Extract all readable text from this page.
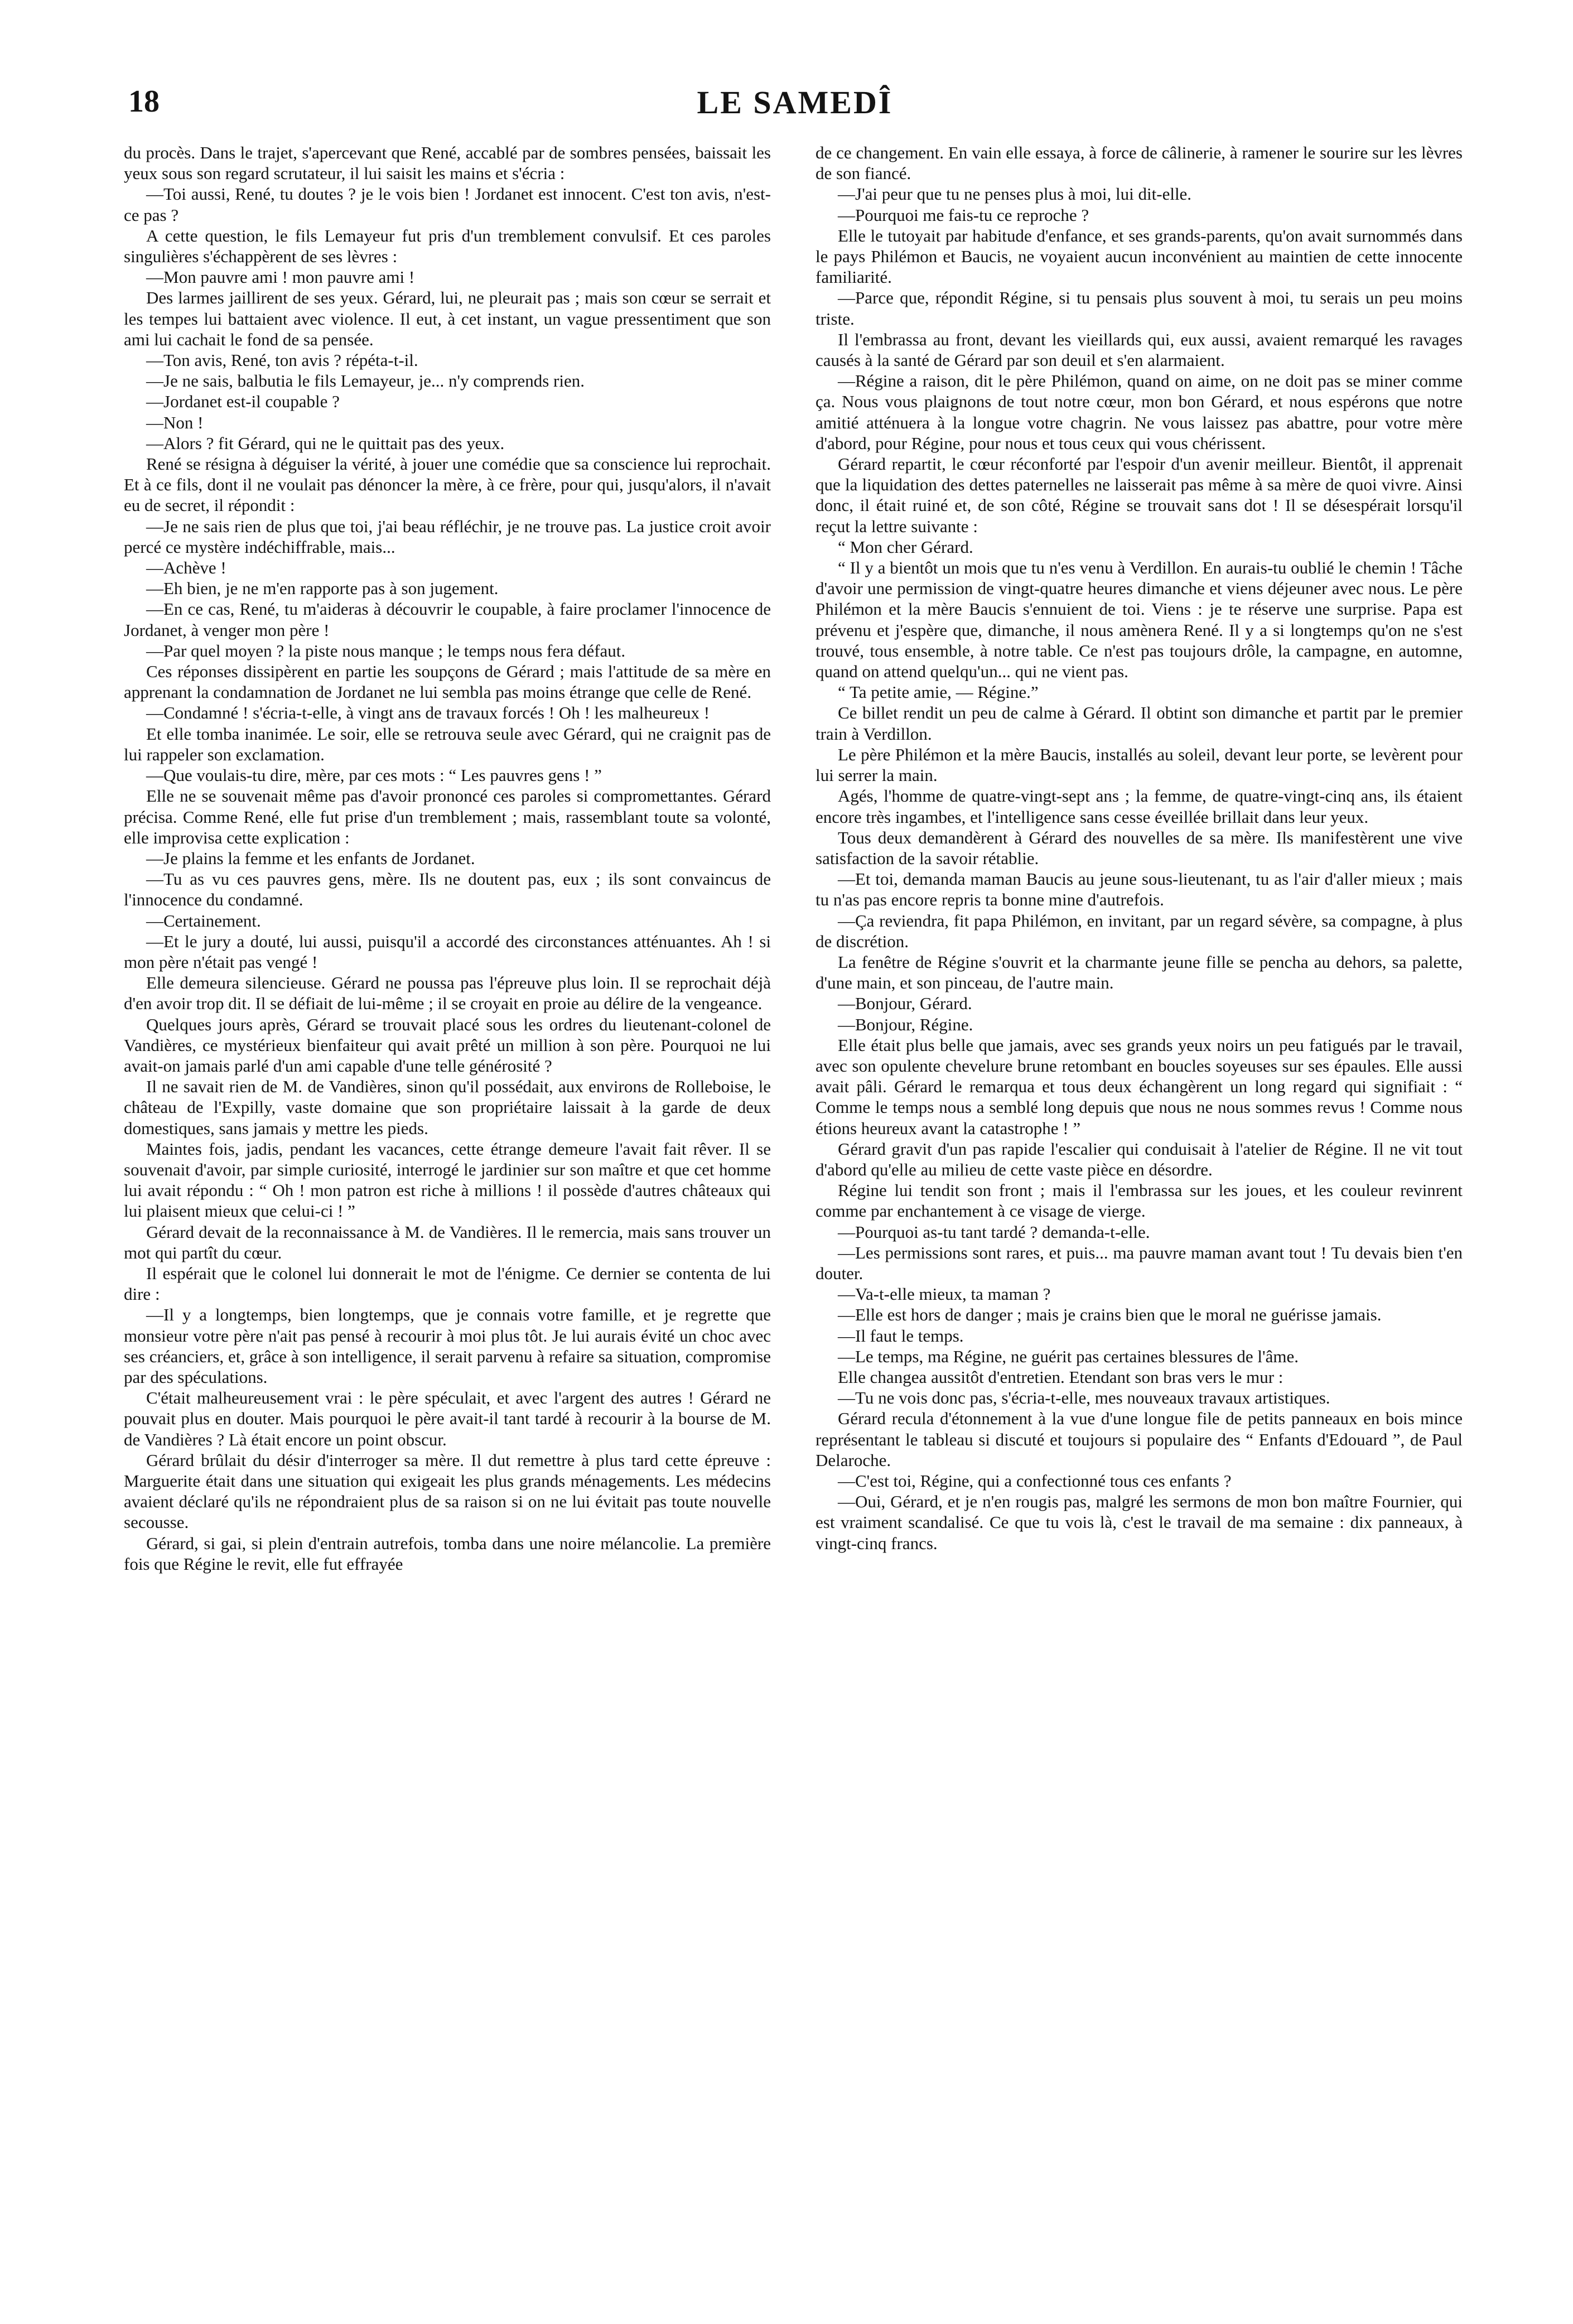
18	LE SAMEDÎ

du procès. Dans le trajet, s'apercevant que René, accablé par de sombres pensées, baissait les yeux sous son regard scrutateur, il lui saisit les mains et s'écria :

—Toi aussi, René, tu doutes ? je le vois bien ! Jordanet est innocent. C'est ton avis, n'est-ce pas ?

A cette question, le fils Lemayeur fut pris d'un tremblement convulsif. Et ces paroles singulières s'échappèrent de ses lèvres :

—Mon pauvre ami ! mon pauvre ami !

Des larmes jaillirent de ses yeux. Gérard, lui, ne pleurait pas ; mais son cœur se serrait et les tempes lui battaient avec violence. Il eut, à cet instant, un vague pressentiment que son ami lui cachait le fond de sa pensée.

—Ton avis, René, ton avis ? répéta-t-il.

—Je ne sais, balbutia le fils Lemayeur, je... n'y comprends rien.

—Jordanet est-il coupable ?

—Non !

—Alors ? fit Gérard, qui ne le quittait pas des yeux.

René se résigna à déguiser la vérité, à jouer une comédie que sa conscience lui reprochait. Et à ce fils, dont il ne voulait pas dénoncer la mère, à ce frère, pour qui, jusqu'alors, il n'avait eu de secret, il répondit :

—Je ne sais rien de plus que toi, j'ai beau réfléchir, je ne trouve pas. La justice croit avoir percé ce mystère indéchiffrable, mais...

—Achève !

—Eh bien, je ne m'en rapporte pas à son jugement.

—En ce cas, René, tu m'aideras à découvrir le coupable, à faire proclamer l'innocence de Jordanet, à venger mon père !

—Par quel moyen ? la piste nous manque ; le temps nous fera défaut.

Ces réponses dissipèrent en partie les soupçons de Gérard ; mais l'attitude de sa mère en apprenant la condamnation de Jordanet ne lui sembla pas moins étrange que celle de René.

—Condamné ! s'écria-t-elle, à vingt ans de travaux forcés ! Oh ! les malheureux !

Et elle tomba inanimée. Le soir, elle se retrouva seule avec Gérard, qui ne craignit pas de lui rappeler son exclamation.

—Que voulais-tu dire, mère, par ces mots : “ Les pauvres gens ! ”

Elle ne se souvenait même pas d'avoir prononcé ces paroles si compromettantes. Gérard précisa. Comme René, elle fut prise d'un tremblement ; mais, rassemblant toute sa volonté, elle improvisa cette explication :

—Je plains la femme et les enfants de Jordanet.

—Tu as vu ces pauvres gens, mère. Ils ne doutent pas, eux ; ils sont convaincus de l'innocence du condamné.

—Certainement.

—Et le jury a douté, lui aussi, puisqu'il a accordé des circonstances atténuantes. Ah ! si mon père n'était pas vengé !

Elle demeura silencieuse. Gérard ne poussa pas l'épreuve plus loin. Il se reprochait déjà d'en avoir trop dit. Il se défiait de lui-même ; il se croyait en proie au délire de la vengeance.

Quelques jours après, Gérard se trouvait placé sous les ordres du lieutenant-colonel de Vandières, ce mystérieux bienfaiteur qui avait prêté un million à son père. Pourquoi ne lui avait-on jamais parlé d'un ami capable d'une telle générosité ?

Il ne savait rien de M. de Vandières, sinon qu'il possédait, aux environs de Rolleboise, le château de l'Expilly, vaste domaine que son propriétaire laissait à la garde de deux domestiques, sans jamais y mettre les pieds.

Maintes fois, jadis, pendant les vacances, cette étrange demeure l'avait fait rêver. Il se souvenait d'avoir, par simple curiosité, interrogé le jardinier sur son maître et que cet homme lui avait répondu : “ Oh ! mon patron est riche à millions ! il possède d'autres châteaux qui lui plaisent mieux que celui-ci ! ”

Gérard devait de la reconnaissance à M. de Vandières. Il le remercia, mais sans trouver un mot qui partît du cœur.

Il espérait que le colonel lui donnerait le mot de l'énigme. Ce dernier se contenta de lui dire :

—Il y a longtemps, bien longtemps, que je connais votre famille, et je regrette que monsieur votre père n'ait pas pensé à recourir à moi plus tôt. Je lui aurais évité un choc avec ses créanciers, et, grâce à son intelligence, il serait parvenu à refaire sa situation, compromise par des spéculations.

C'était malheureusement vrai : le père spéculait, et avec l'argent des autres ! Gérard ne pouvait plus en douter. Mais pourquoi le père avait-il tant tardé à recourir à la bourse de M. de Vandières ? Là était encore un point obscur.

Gérard brûlait du désir d'interroger sa mère. Il dut remettre à plus tard cette épreuve : Marguerite était dans une situation qui exigeait les plus grands ménagements. Les médecins avaient déclaré qu'ils ne répondraient plus de sa raison si on ne lui évitait pas toute nouvelle secousse.

Gérard, si gai, si plein d'entrain autrefois, tomba dans une noire mélancolie. La première fois que Régine le revit, elle fut effrayée

de ce changement. En vain elle essaya, à force de câlinerie, à ramener le sourire sur les lèvres de son fiancé.

—J'ai peur que tu ne penses plus à moi, lui dit-elle.

—Pourquoi me fais-tu ce reproche ?

Elle le tutoyait par habitude d'enfance, et ses grands-parents, qu'on avait surnommés dans le pays Philémon et Baucis, ne voyaient aucun inconvénient au maintien de cette innocente familiarité.

—Parce que, répondit Régine, si tu pensais plus souvent à moi, tu serais un peu moins triste.

Il l'embrassa au front, devant les vieillards qui, eux aussi, avaient remarqué les ravages causés à la santé de Gérard par son deuil et s'en alarmaient.

—Régine a raison, dit le père Philémon, quand on aime, on ne doit pas se miner comme ça. Nous vous plaignons de tout notre cœur, mon bon Gérard, et nous espérons que notre amitié atténuera à la longue votre chagrin. Ne vous laissez pas abattre, pour votre mère d'abord, pour Régine, pour nous et tous ceux qui vous chérissent.

Gérard repartit, le cœur réconforté par l'espoir d'un avenir meilleur. Bientôt, il apprenait que la liquidation des dettes paternelles ne laisserait pas même à sa mère de quoi vivre. Ainsi donc, il était ruiné et, de son côté, Régine se trouvait sans dot ! Il se désespérait lorsqu'il reçut la lettre suivante :

“ Mon cher Gérard.

“ Il y a bientôt un mois que tu n'es venu à Verdillon. En aurais-tu oublié le chemin ! Tâche d'avoir une permission de vingt-quatre heures dimanche et viens déjeuner avec nous. Le père Philémon et la mère Baucis s'ennuient de toi. Viens : je te réserve une surprise. Papa est prévenu et j'espère que, dimanche, il nous amènera René. Il y a si longtemps qu'on ne s'est trouvé, tous ensemble, à notre table. Ce n'est pas toujours drôle, la campagne, en automne, quand on attend quelqu'un... qui ne vient pas.

“ Ta petite amie, — Régine.”

Ce billet rendit un peu de calme à Gérard. Il obtint son dimanche et partit par le premier train à Verdillon.

Le père Philémon et la mère Baucis, installés au soleil, devant leur porte, se levèrent pour lui serrer la main.

Agés, l'homme de quatre-vingt-sept ans ; la femme, de quatre-vingt-cinq ans, ils étaient encore très ingambes, et l'intelligence sans cesse éveillée brillait dans leur yeux.

Tous deux demandèrent à Gérard des nouvelles de sa mère. Ils manifestèrent une vive satisfaction de la savoir rétablie.

—Et toi, demanda maman Baucis au jeune sous-lieutenant, tu as l'air d'aller mieux ; mais tu n'as pas encore repris ta bonne mine d'autrefois.

—Ça reviendra, fit papa Philémon, en invitant, par un regard sévère, sa compagne, à plus de discrétion.

La fenêtre de Régine s'ouvrit et la charmante jeune fille se pencha au dehors, sa palette, d'une main, et son pinceau, de l'autre main.

—Bonjour, Gérard.

—Bonjour, Régine.

Elle était plus belle que jamais, avec ses grands yeux noirs un peu fatigués par le travail, avec son opulente chevelure brune retombant en boucles soyeuses sur ses épaules. Elle aussi avait pâli. Gérard le remarqua et tous deux échangèrent un long regard qui signifiait : “ Comme le temps nous a semblé long depuis que nous ne nous sommes revus ! Comme nous étions heureux avant la catastrophe ! ”

Gérard gravit d'un pas rapide l'escalier qui conduisait à l'atelier de Régine. Il ne vit tout d'abord qu'elle au milieu de cette vaste pièce en désordre.

Régine lui tendit son front ; mais il l'embrassa sur les joues, et les couleur revinrent comme par enchantement à ce visage de vierge.

—Pourquoi as-tu tant tardé ? demanda-t-elle.

—Les permissions sont rares, et puis... ma pauvre maman avant tout ! Tu devais bien t'en douter.

—Va-t-elle mieux, ta maman ?

—Elle est hors de danger ; mais je crains bien que le moral ne guérisse jamais.

—Il faut le temps.

—Le temps, ma Régine, ne guérit pas certaines blessures de l'âme.

Elle changea aussitôt d'entretien. Etendant son bras vers le mur :

—Tu ne vois donc pas, s'écria-t-elle, mes nouveaux travaux artistiques.

Gérard recula d'étonnement à la vue d'une longue file de petits panneaux en bois mince représentant le tableau si discuté et toujours si populaire des “ Enfants d'Edouard ”, de Paul Delaroche.

—C'est toi, Régine, qui a confectionné tous ces enfants ?

—Oui, Gérard, et je n'en rougis pas, malgré les sermons de mon bon maître Fournier, qui est vraiment scandalisé. Ce que tu vois là, c'est le travail de ma semaine : dix panneaux, à vingt-cinq francs.
